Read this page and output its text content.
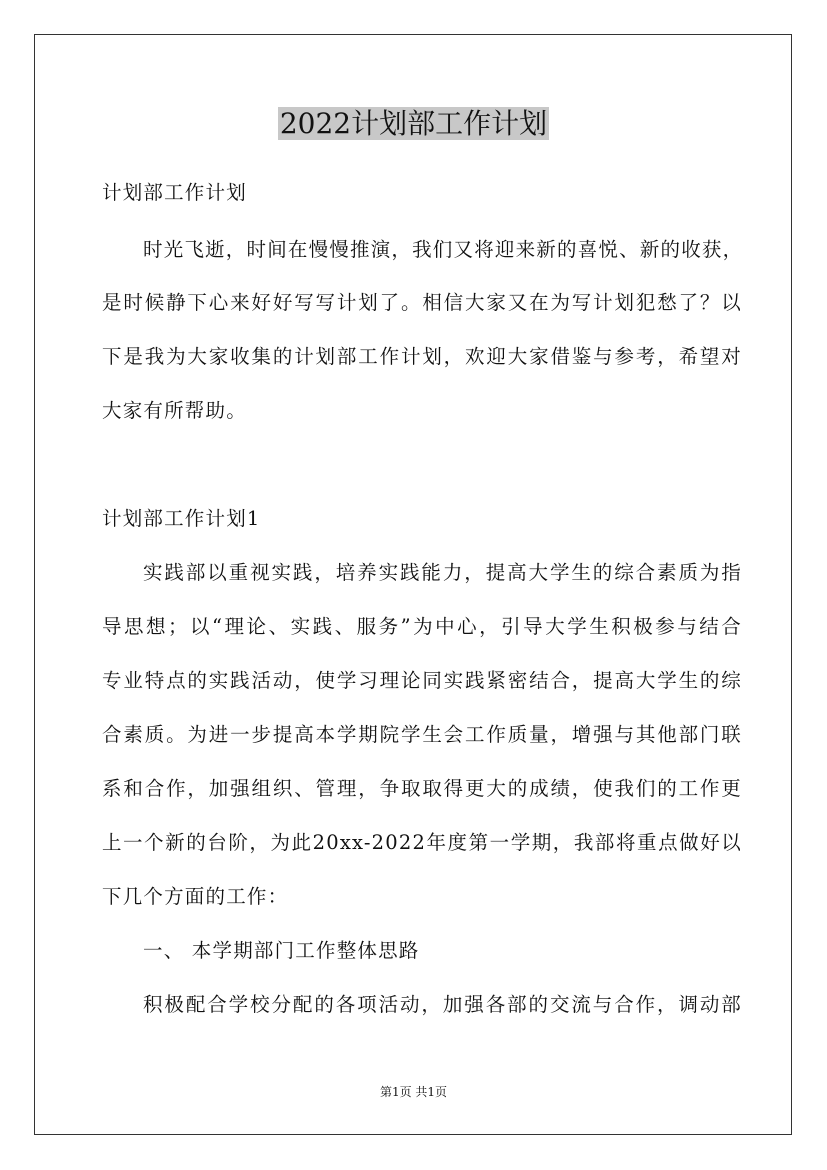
2022计划部工作计划
计划部工作计划
时光飞逝，时间在慢慢推演，我们又将迎来新的喜悦、新的收获，
是时候静下心来好好写写计划了。相信大家又在为写计划犯愁了？以
下是我为大家收集的计划部工作计划，欢迎大家借鉴与参考，希望对
大家有所帮助。
计划部工作计划1
实践部以重视实践，培养实践能力，提高大学生的综合素质为指
导思想；以“理论、实践、服务”为中心，引导大学生积极参与结合
专业特点的实践活动，使学习理论同实践紧密结合，提高大学生的综
合素质。为进一步提高本学期院学生会工作质量，增强与其他部门联
系和合作，加强组织、管理，争取取得更大的成绩，使我们的工作更
上一个新的台阶，为此20xx-2022年度第一学期，我部将重点做好以
下几个方面的工作：
一、 本学期部门工作整体思路
积极配合学校分配的各项活动，加强各部的交流与合作，调动部
第1页 共1页
